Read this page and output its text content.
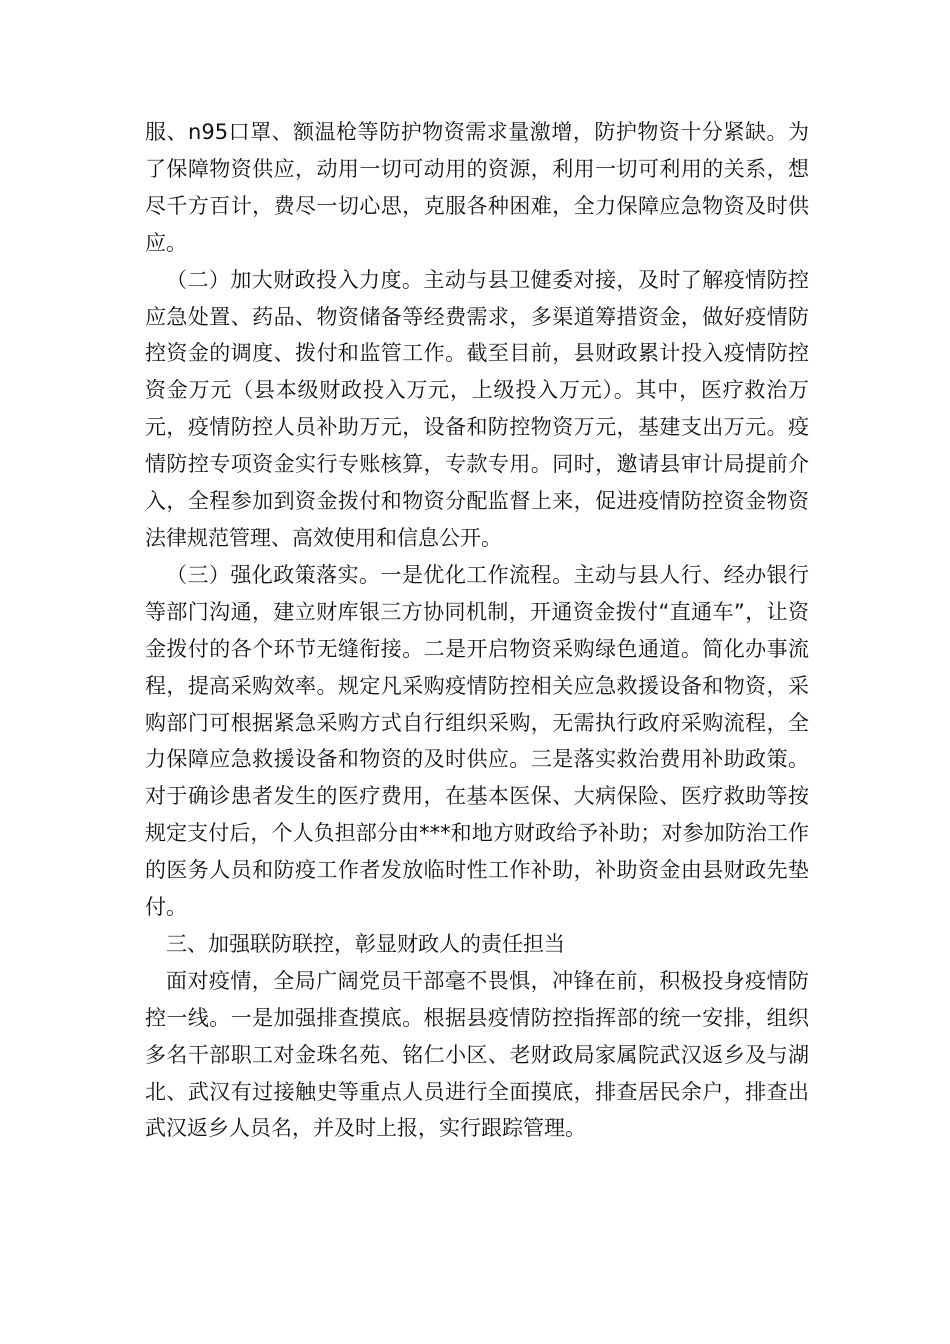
服、n95口罩、额温枪等防护物资需求量激增，防护物资十分紧缺。为了保障物资供应，动用一切可动用的资源，利用一切可利用的关系，想尽千方百计，费尽一切心思，克服各种困难，全力保障应急物资及时供应。

（二）加大财政投入力度。主动与县卫健委对接，及时了解疫情防控应急处置、药品、物资储备等经费需求，多渠道筹措资金，做好疫情防控资金的调度、拨付和监管工作。截至目前，县财政累计投入疫情防控资金万元（县本级财政投入万元，上级投入万元）。其中，医疗救治万元，疫情防控人员补助万元，设备和防控物资万元，基建支出万元。疫情防控专项资金实行专账核算，专款专用。同时，邀请县审计局提前介入，全程参加到资金拨付和物资分配监督上来，促进疫情防控资金物资法律规范管理、高效使用和信息公开。

（三）强化政策落实。一是优化工作流程。主动与县人行、经办银行等部门沟通，建立财库银三方协同机制，开通资金拨付“直通车”，让资金拨付的各个环节无缝衔接。二是开启物资采购绿色通道。简化办事流程，提高采购效率。规定凡采购疫情防控相关应急救援设备和物资，采购部门可根据紧急采购方式自行组织采购，无需执行政府采购流程，全力保障应急救援设备和物资的及时供应。三是落实救治费用补助政策。对于确诊患者发生的医疗费用，在基本医保、大病保险、医疗救助等按规定支付后，个人负担部分由***和地方财政给予补助；对参加防治工作的医务人员和防疫工作者发放临时性工作补助，补助资金由县财政先垫付。

三、加强联防联控，彰显财政人的责任担当

面对疫情，全局广阔党员干部毫不畏惧，冲锋在前，积极投身疫情防控一线。一是加强排查摸底。根据县疫情防控指挥部的统一安排，组织多名干部职工对金珠名苑、铭仁小区、老财政局家属院武汉返乡及与湖北、武汉有过接触史等重点人员进行全面摸底，排查居民余户，排查出武汉返乡人员名，并及时上报，实行跟踪管理。
